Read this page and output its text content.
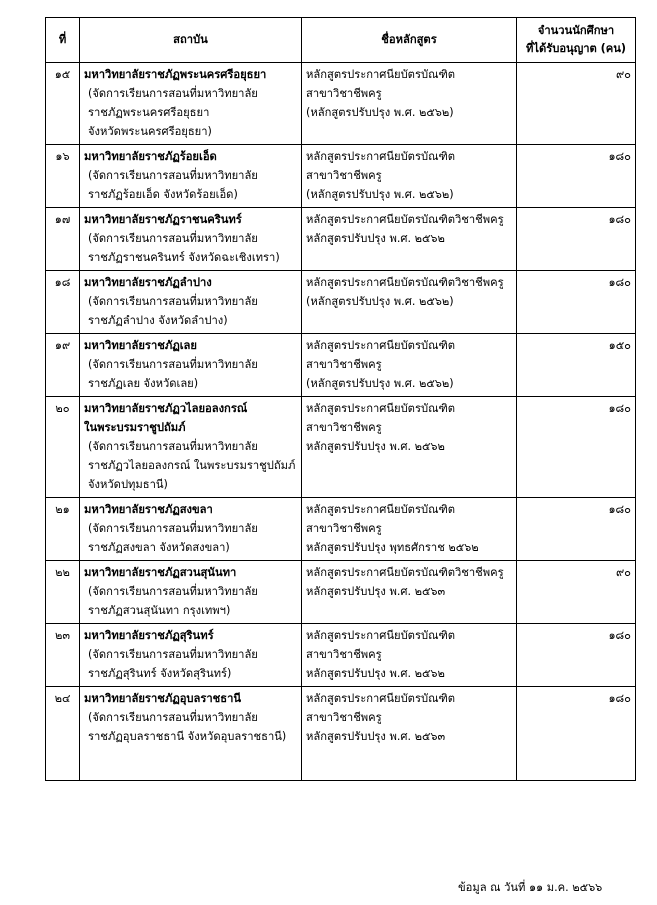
ที่	สถาบัน	ชื่อหลักสูตร	จำนวนนักศึกษา
ที่ได้รับอนุญาต (คน)

๑๕	มหาวิทยาลัยราชภัฏพระนครศรีอยุธยา
(จัดการเรียนการสอนที่มหาวิทยาลัย
ราชภัฏพระนครศรีอยุธยา
จังหวัดพระนครศรีอยุธยา)	หลักสูตรประกาศนียบัตรบัณฑิต
สาขาวิชาชีพครู
(หลักสูตรปรับปรุง พ.ศ. ๒๕๖๒)	๙๐
๑๖	มหาวิทยาลัยราชภัฏร้อยเอ็ด
(จัดการเรียนการสอนที่มหาวิทยาลัย
ราชภัฏร้อยเอ็ด จังหวัดร้อยเอ็ด)	หลักสูตรประกาศนียบัตรบัณฑิต
สาขาวิชาชีพครู
(หลักสูตรปรับปรุง พ.ศ. ๒๕๖๒)	๑๘๐
๑๗	มหาวิทยาลัยราชภัฏราชนครินทร์
(จัดการเรียนการสอนที่มหาวิทยาลัย
ราชภัฏราชนครินทร์ จังหวัดฉะเชิงเทรา)	หลักสูตรประกาศนียบัตรบัณฑิตวิชาชีพครู
หลักสูตรปรับปรุง พ.ศ. ๒๕๖๒	๑๘๐
๑๘	มหาวิทยาลัยราชภัฏลำปาง
(จัดการเรียนการสอนที่มหาวิทยาลัย
ราชภัฏลำปาง จังหวัดลำปาง)	หลักสูตรประกาศนียบัตรบัณฑิตวิชาชีพครู
(หลักสูตรปรับปรุง พ.ศ. ๒๕๖๒)	๑๘๐
๑๙	มหาวิทยาลัยราชภัฏเลย
(จัดการเรียนการสอนที่มหาวิทยาลัย
ราชภัฏเลย จังหวัดเลย)	หลักสูตรประกาศนียบัตรบัณฑิต
สาขาวิชาชีพครู
(หลักสูตรปรับปรุง พ.ศ. ๒๕๖๒)	๑๕๐
๒๐	มหาวิทยาลัยราชภัฏวไลยอลงกรณ์
ในพระบรมราชูปถัมภ์
(จัดการเรียนการสอนที่มหาวิทยาลัย
ราชภัฏวไลยอลงกรณ์ ในพระบรมราชูปถัมภ์
จังหวัดปทุมธานี)	หลักสูตรประกาศนียบัตรบัณฑิต
สาขาวิชาชีพครู
หลักสูตรปรับปรุง พ.ศ. ๒๕๖๒	๑๘๐
๒๑	มหาวิทยาลัยราชภัฏสงขลา
(จัดการเรียนการสอนที่มหาวิทยาลัย
ราชภัฏสงขลา จังหวัดสงขลา)	หลักสูตรประกาศนียบัตรบัณฑิต
สาขาวิชาชีพครู
หลักสูตรปรับปรุง พุทธศักราช ๒๕๖๒	๑๘๐
๒๒	มหาวิทยาลัยราชภัฏสวนสุนันทา
(จัดการเรียนการสอนที่มหาวิทยาลัย
ราชภัฏสวนสุนันทา กรุงเทพฯ)	หลักสูตรประกาศนียบัตรบัณฑิตวิชาชีพครู
หลักสูตรปรับปรุง พ.ศ. ๒๕๖๓	๙๐
๒๓	มหาวิทยาลัยราชภัฏสุรินทร์
(จัดการเรียนการสอนที่มหาวิทยาลัย
ราชภัฏสุรินทร์ จังหวัดสุรินทร์)	หลักสูตรประกาศนียบัตรบัณฑิต
สาขาวิชาชีพครู
หลักสูตรปรับปรุง พ.ศ. ๒๕๖๒	๑๘๐
๒๔	มหาวิทยาลัยราชภัฏอุบลราชธานี
(จัดการเรียนการสอนที่มหาวิทยาลัย
ราชภัฏอุบลราชธานี จังหวัดอุบลราชธานี)	หลักสูตรประกาศนียบัตรบัณฑิต
สาขาวิชาชีพครู
หลักสูตรปรับปรุง พ.ศ. ๒๕๖๓	๑๘๐
ข้อมูล ณ วันที่ ๑๑ ม.ค. ๒๕๖๖
